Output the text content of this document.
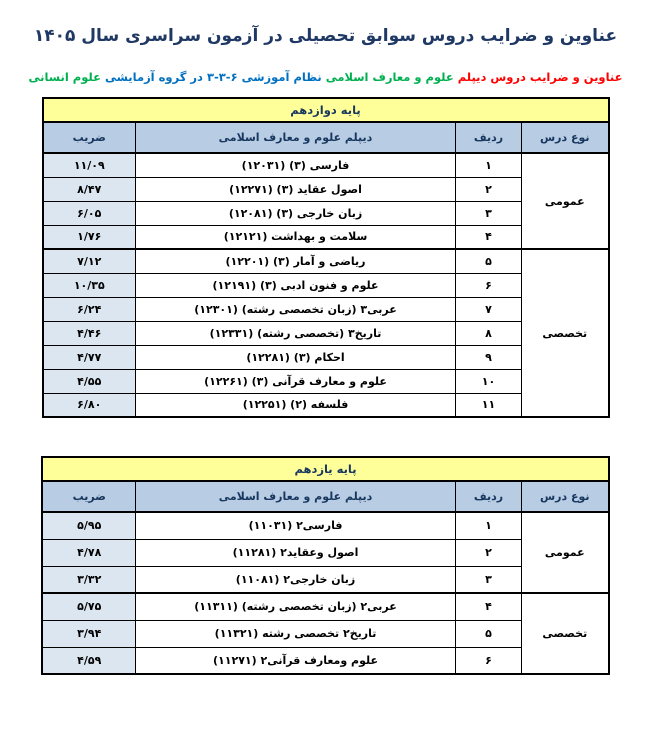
عناوین و ضرایب دروس سوابق تحصیلی در آزمون سراسری سال ۱۴۰۵

عناوین و ضرایب دروس دیپلم علوم و معارف اسلامی نظام آموزشی ۶-۳-۳ در گروه آزمایشی علوم انسانی

پایه دوازدهم			
نوع درس	ردیف	دیپلم علوم و معارف اسلامی	ضریب
عمومی	۱	فارسی (۳) (۱۲۰۳۱)	۱۱/۰۹
	۲	اصول عقاید (۳) (۱۲۲۷۱)	۸/۴۷
	۳	زبان خارجی (۳) (۱۲۰۸۱)	۶/۰۵
	۴	سلامت و بهداشت (۱۲۱۲۱)	۱/۷۶
تخصصی	۵	ریاضی و آمار (۳) (۱۲۲۰۱)	۷/۱۲
	۶	علوم و فنون ادبی (۳) (۱۲۱۹۱)	۱۰/۳۵
	۷	عربی۳ (زبان تخصصی رشته) (۱۲۳۰۱)	۶/۲۴
	۸	تاریخ۳ (تخصصی رشته) (۱۲۳۳۱)	۴/۴۶
	۹	احکام (۳) (۱۲۲۸۱)	۴/۷۷
	۱۰	علوم و معارف قرآنی (۳) (۱۲۲۶۱)	۴/۵۵
	۱۱	فلسفه (۲) (۱۲۲۵۱)	۶/۸۰
پایه یازدهم			
نوع درس	ردیف	دیپلم علوم و معارف اسلامی	ضریب
عمومی	۱	فارسی۲ (۱۱۰۳۱)	۵/۹۵
	۲	اصول وعقاید۲ (۱۱۲۸۱)	۴/۷۸
	۳	زبان خارجی۲ (۱۱۰۸۱)	۳/۳۲
تخصصی	۴	عربی۲ (زبان تخصصی رشته) (۱۱۳۱۱)	۵/۷۵
	۵	تاریخ۲ تخصصی رشته (۱۱۳۲۱)	۳/۹۴
	۶	علوم ومعارف قرآنی۲ (۱۱۲۷۱)	۴/۵۹
